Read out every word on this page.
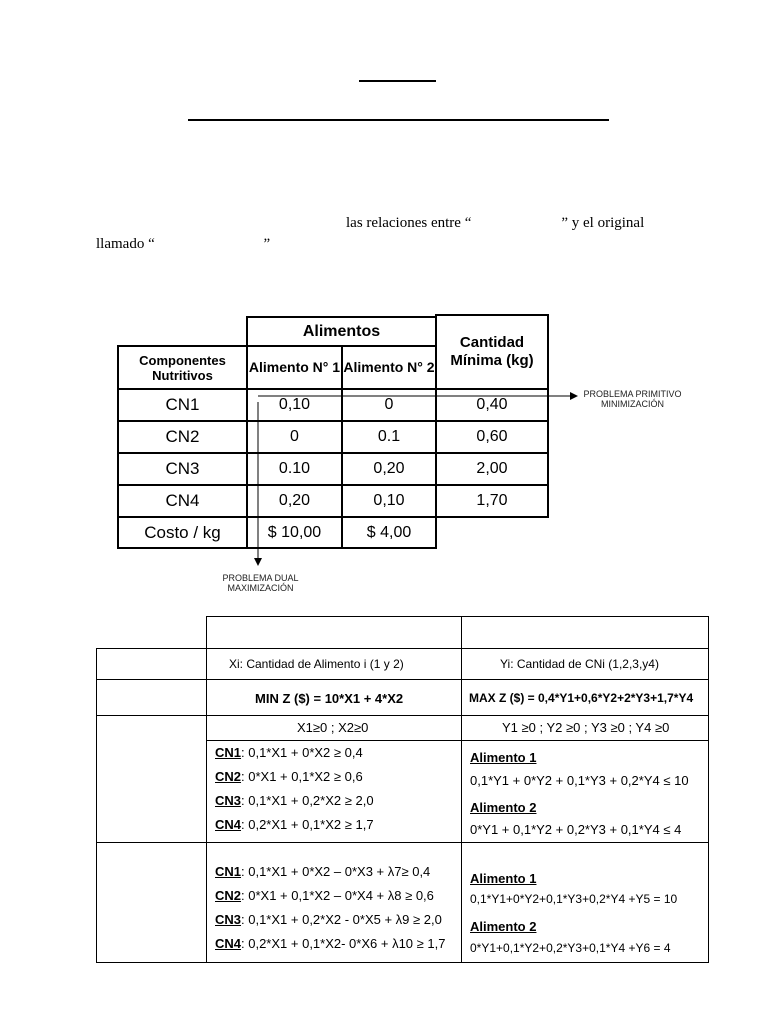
las relaciones entre “                        ” y el original
llamado “                             ”
Alimentos
Cantidad Mínima (kg)
Componentes Nutritivos	Alimento N° 1 Alimento N° 2
CN1	0,10	0	0,40
CN2	0	0.1	0,60
CN3	0.10	0,20	2,00
CN4	0,20	0,10	1,70
Costo / kg	$ 10,00	$ 4,00
PROBLEMA PRIMITIVO MINIMIZACIÓN
PROBLEMA DUAL MAXIMIZACIÓN
Xi: Cantidad de Alimento i (1 y 2)	Yi: Cantidad de CNi (1,2,3,y4)
MIN Z ($) = 10*X1 + 4*X2	MAX Z ($) = 0,4*Y1+0,6*Y2+2*Y3+1,7*Y4
X1≥0 ; X2≥0	Y1 ≥0 ; Y2 ≥0 ; Y3 ≥0 ; Y4 ≥0
CN1: 0,1*X1 + 0*X2 ≥ 0,4
CN2: 0*X1 + 0,1*X2 ≥ 0,6
CN3: 0,1*X1 + 0,2*X2 ≥ 2,0
CN4: 0,2*X1 + 0,1*X2 ≥ 1,7
Alimento 1
0,1*Y1 + 0*Y2 + 0,1*Y3 + 0,2*Y4 ≤ 10
Alimento 2
0*Y1 + 0,1*Y2 + 0,2*Y3 + 0,1*Y4 ≤ 4
CN1: 0,1*X1 + 0*X2 – 0*X3 + λ7≥ 0,4
CN2: 0*X1 + 0,1*X2 – 0*X4 + λ8 ≥ 0,6
CN3: 0,1*X1 + 0,2*X2 - 0*X5 + λ9 ≥ 2,0
CN4: 0,2*X1 + 0,1*X2- 0*X6 + λ10 ≥ 1,7
Alimento 1
0,1*Y1+0*Y2+0,1*Y3+0,2*Y4 +Y5 = 10
Alimento 2
0*Y1+0,1*Y2+0,2*Y3+0,1*Y4 +Y6 = 4
